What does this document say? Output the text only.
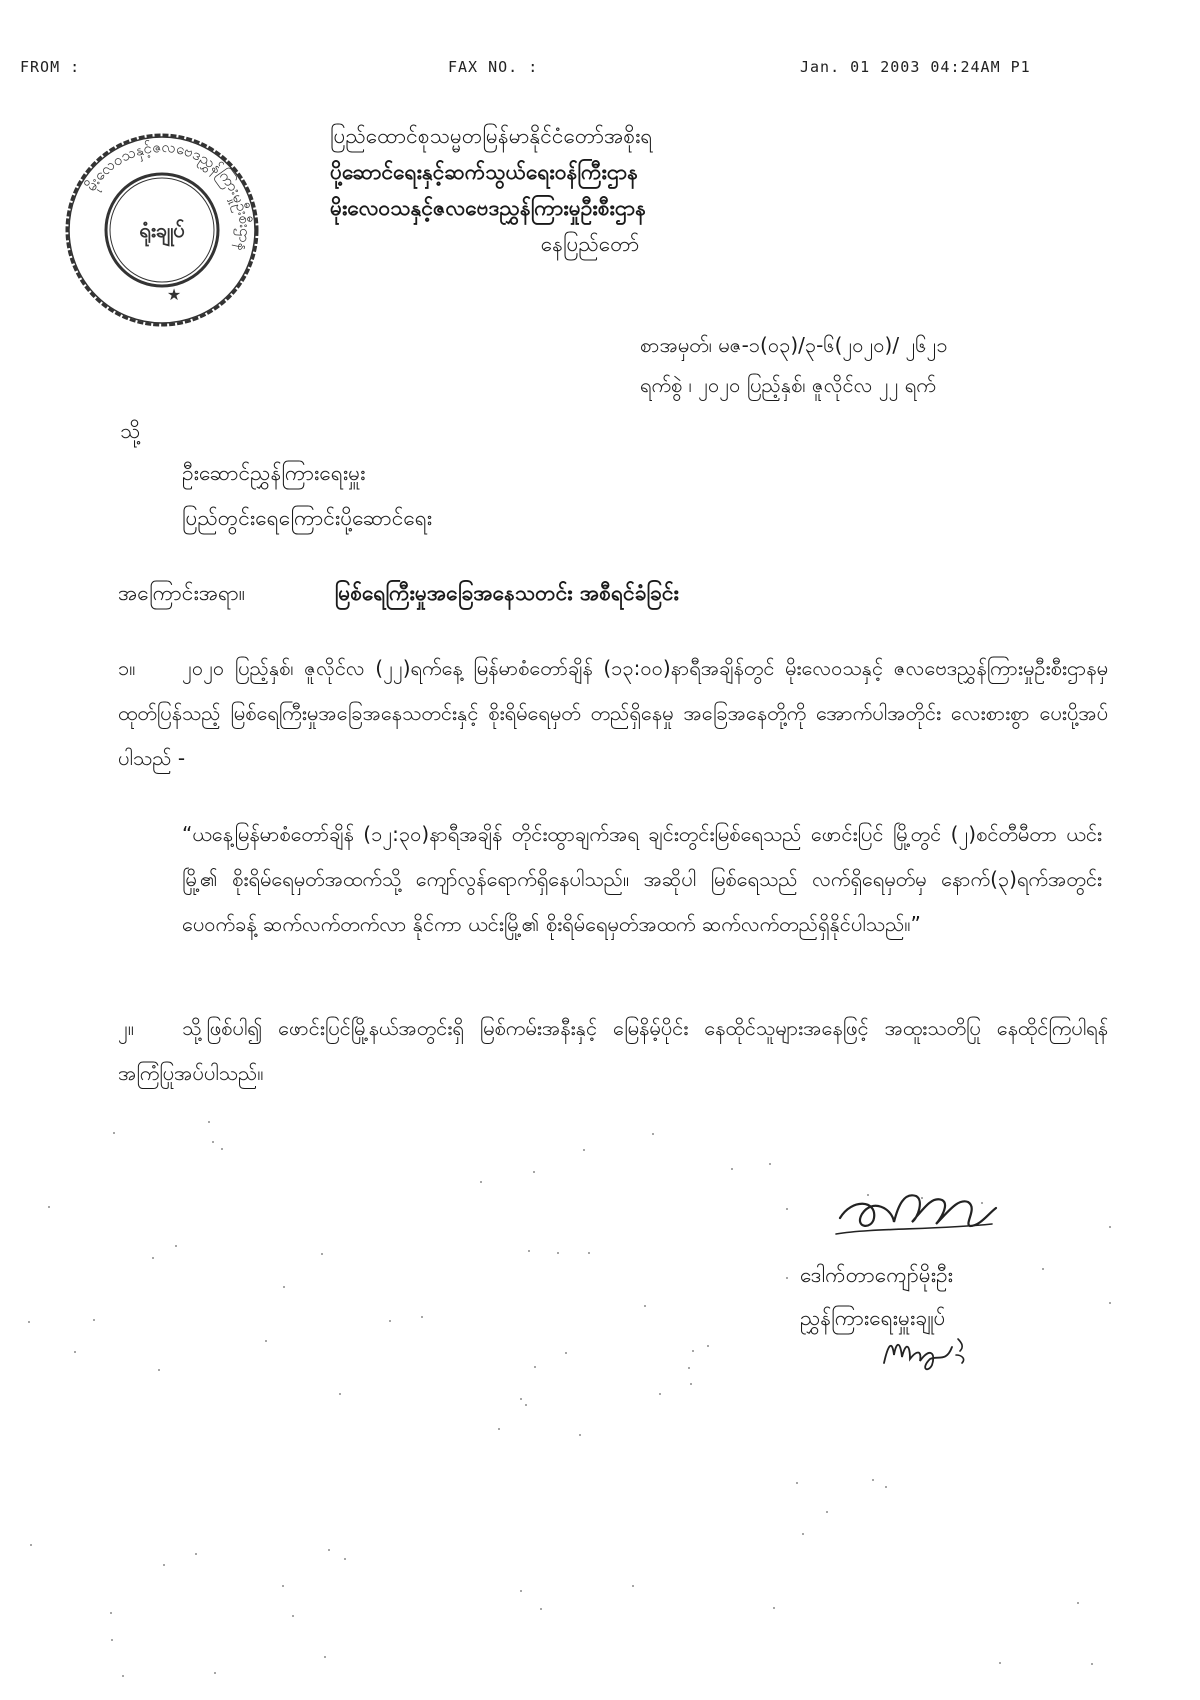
FROM :	FAX NO. :	Jan. 01 2003 04:24AM P1
မိုးလေဝသနှင့်ဇလဗေဒညွှန်ကြားမှုဦးစီးဌာန
ရုံးချုပ်
★
ပြည်ထောင်စုသမ္မတမြန်မာနိုင်ငံတော်အစိုးရ
ပို့ဆောင်ရေးနှင့်ဆက်သွယ်ရေးဝန်ကြီးဌာန
မိုးလေဝသနှင့်ဇလဗေဒညွှန်ကြားမှုဦးစီးဌာန
နေပြည်တော်
စာအမှတ်၊ မဇ-၁(၀၃)/၃-၆(၂၀၂၀)/ ၂၆၂၁
ရက်စွဲ ၊ ၂၀၂၀ ပြည့်နှစ်၊ ဇူလိုင်လ ၂၂ ရက်
သို့
ဦးဆောင်ညွှန်ကြားရေးမှူး
ပြည်တွင်းရေကြောင်းပို့ဆောင်ရေး
အကြောင်းအရာ။	မြစ်ရေကြီးမှုအခြေအနေသတင်း အစီရင်ခံခြင်း
၁။ ၂၀၂၀ ပြည့်နှစ်၊ ဇူလိုင်လ (၂၂)ရက်နေ့ မြန်မာစံတော်ချိန် (၁၃:၀၀)နာရီအချိန်တွင် မိုးလေဝသနှင့် ဇလဗေဒညွှန်ကြားမှုဦးစီးဌာနမှ ထုတ်ပြန်သည့် မြစ်ရေကြီးမှုအခြေအနေသတင်းနှင့် စိုးရိမ်ရေမှတ် တည်ရှိနေမှု အခြေအနေတို့ကို အောက်ပါအတိုင်း လေးစားစွာ ပေးပို့အပ်ပါသည် -
“ယနေ့မြန်မာစံတော်ချိန် (၁၂:၃၀)နာရီအချိန် တိုင်းထွာချက်အရ ချင်းတွင်းမြစ်ရေသည် ဖောင်းပြင် မြို့တွင် (၂)စင်တီမီတာ ယင်းမြို့၏ စိုးရိမ်ရေမှတ်အထက်သို့ ကျော်လွန်ရောက်ရှိနေပါသည်။ အဆိုပါ မြစ်ရေသည် လက်ရှိရေမှတ်မှ နောက်(၃)ရက်အတွင်း ပေ၀က်ခန့် ဆက်လက်တက်လာ နိုင်ကာ ယင်းမြို့၏ စိုးရိမ်ရေမှတ်အထက် ဆက်လက်တည်ရှိနိုင်ပါသည်။”
၂။ သို့ဖြစ်ပါ၍ ဖောင်းပြင်မြို့နယ်အတွင်းရှိ မြစ်ကမ်းအနီးနှင့် မြေနိမ့်ပိုင်း နေထိုင်သူများအနေဖြင့် အထူးသတိပြု နေထိုင်ကြပါရန် အကြံပြုအပ်ပါသည်။
ဒေါက်တာကျော်မိုးဦး
ညွှန်ကြားရေးမှူးချုပ်
